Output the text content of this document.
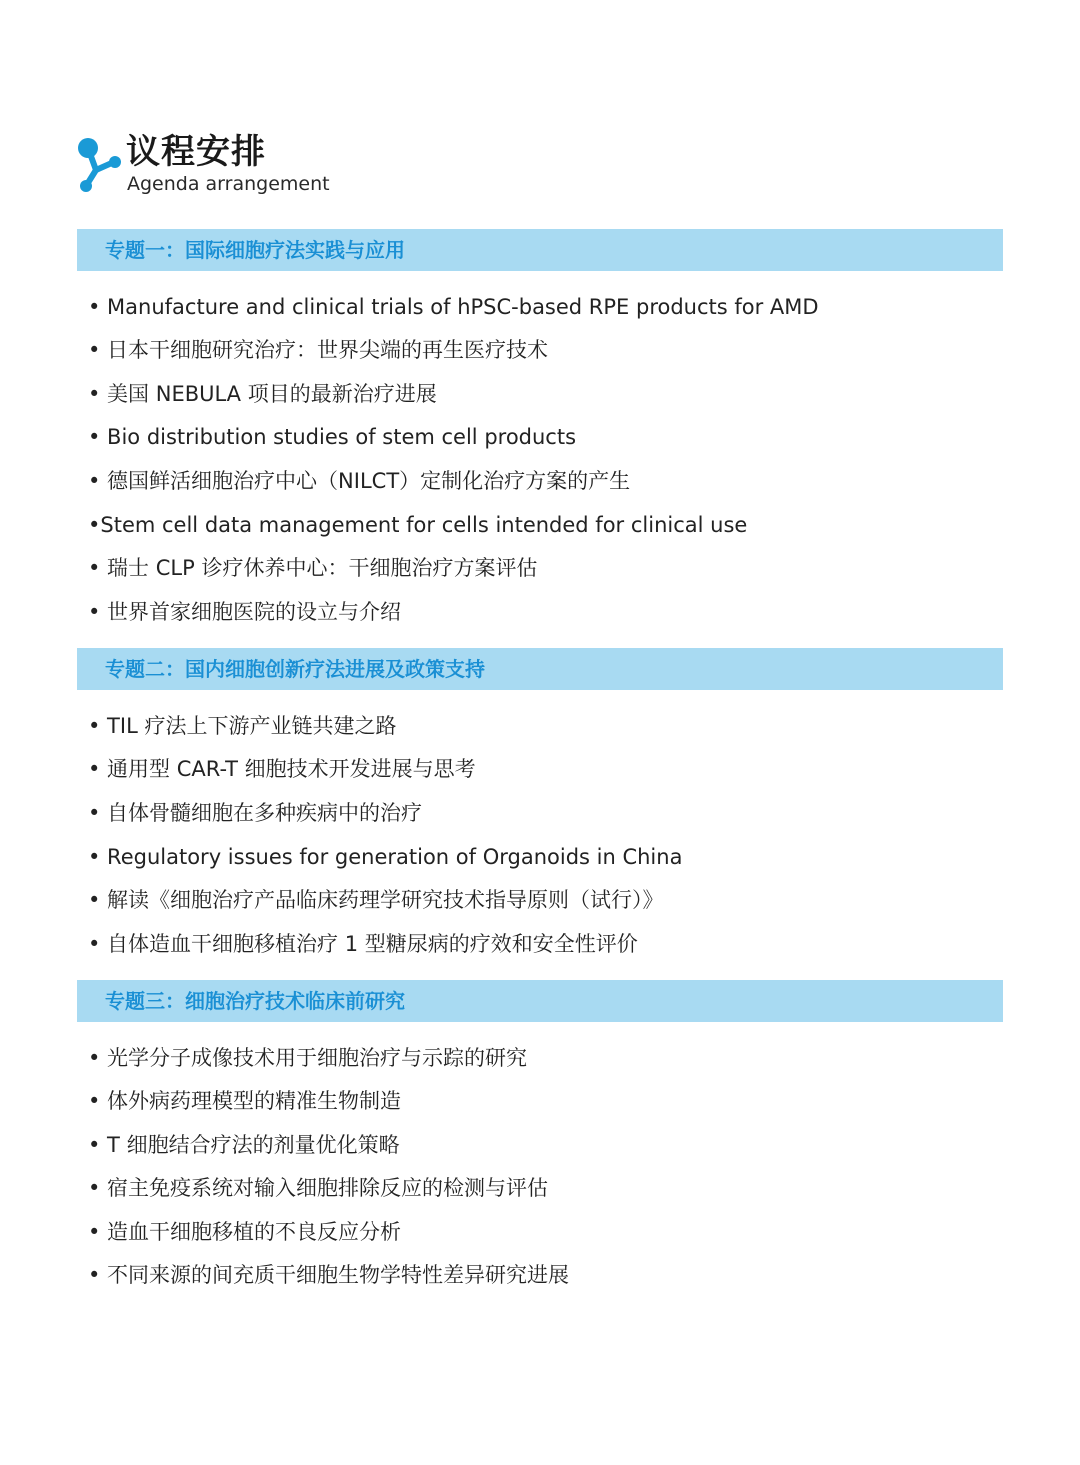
议程安排
Agenda arrangement
专题一：国际细胞疗法实践与应用
• Manufacture and clinical trials of hPSC-based RPE products for AMD
• 日本干细胞研究治疗：世界尖端的再生医疗技术
• 美国 NEBULA 项目的最新治疗进展
• Bio distribution studies of stem cell products
• 德国鲜活细胞治疗中心（NILCT）定制化治疗方案的产生
•Stem cell data management for cells intended for clinical use
• 瑞士 CLP 诊疗休养中心：干细胞治疗方案评估
• 世界首家细胞医院的设立与介绍
专题二：国内细胞创新疗法进展及政策支持
• TIL 疗法上下游产业链共建之路
• 通用型 CAR-T 细胞技术开发进展与思考
• 自体骨髓细胞在多种疾病中的治疗
• Regulatory issues for generation of Organoids in China
• 解读《细胞治疗产品临床药理学研究技术指导原则（试行）》
• 自体造血干细胞移植治疗 1 型糖尿病的疗效和安全性评价
专题三：细胞治疗技术临床前研究
• 光学分子成像技术用于细胞治疗与示踪的研究
• 体外病药理模型的精准生物制造
• T 细胞结合疗法的剂量优化策略
• 宿主免疫系统对输入细胞排除反应的检测与评估
• 造血干细胞移植的不良反应分析
• 不同来源的间充质干细胞生物学特性差异研究进展
